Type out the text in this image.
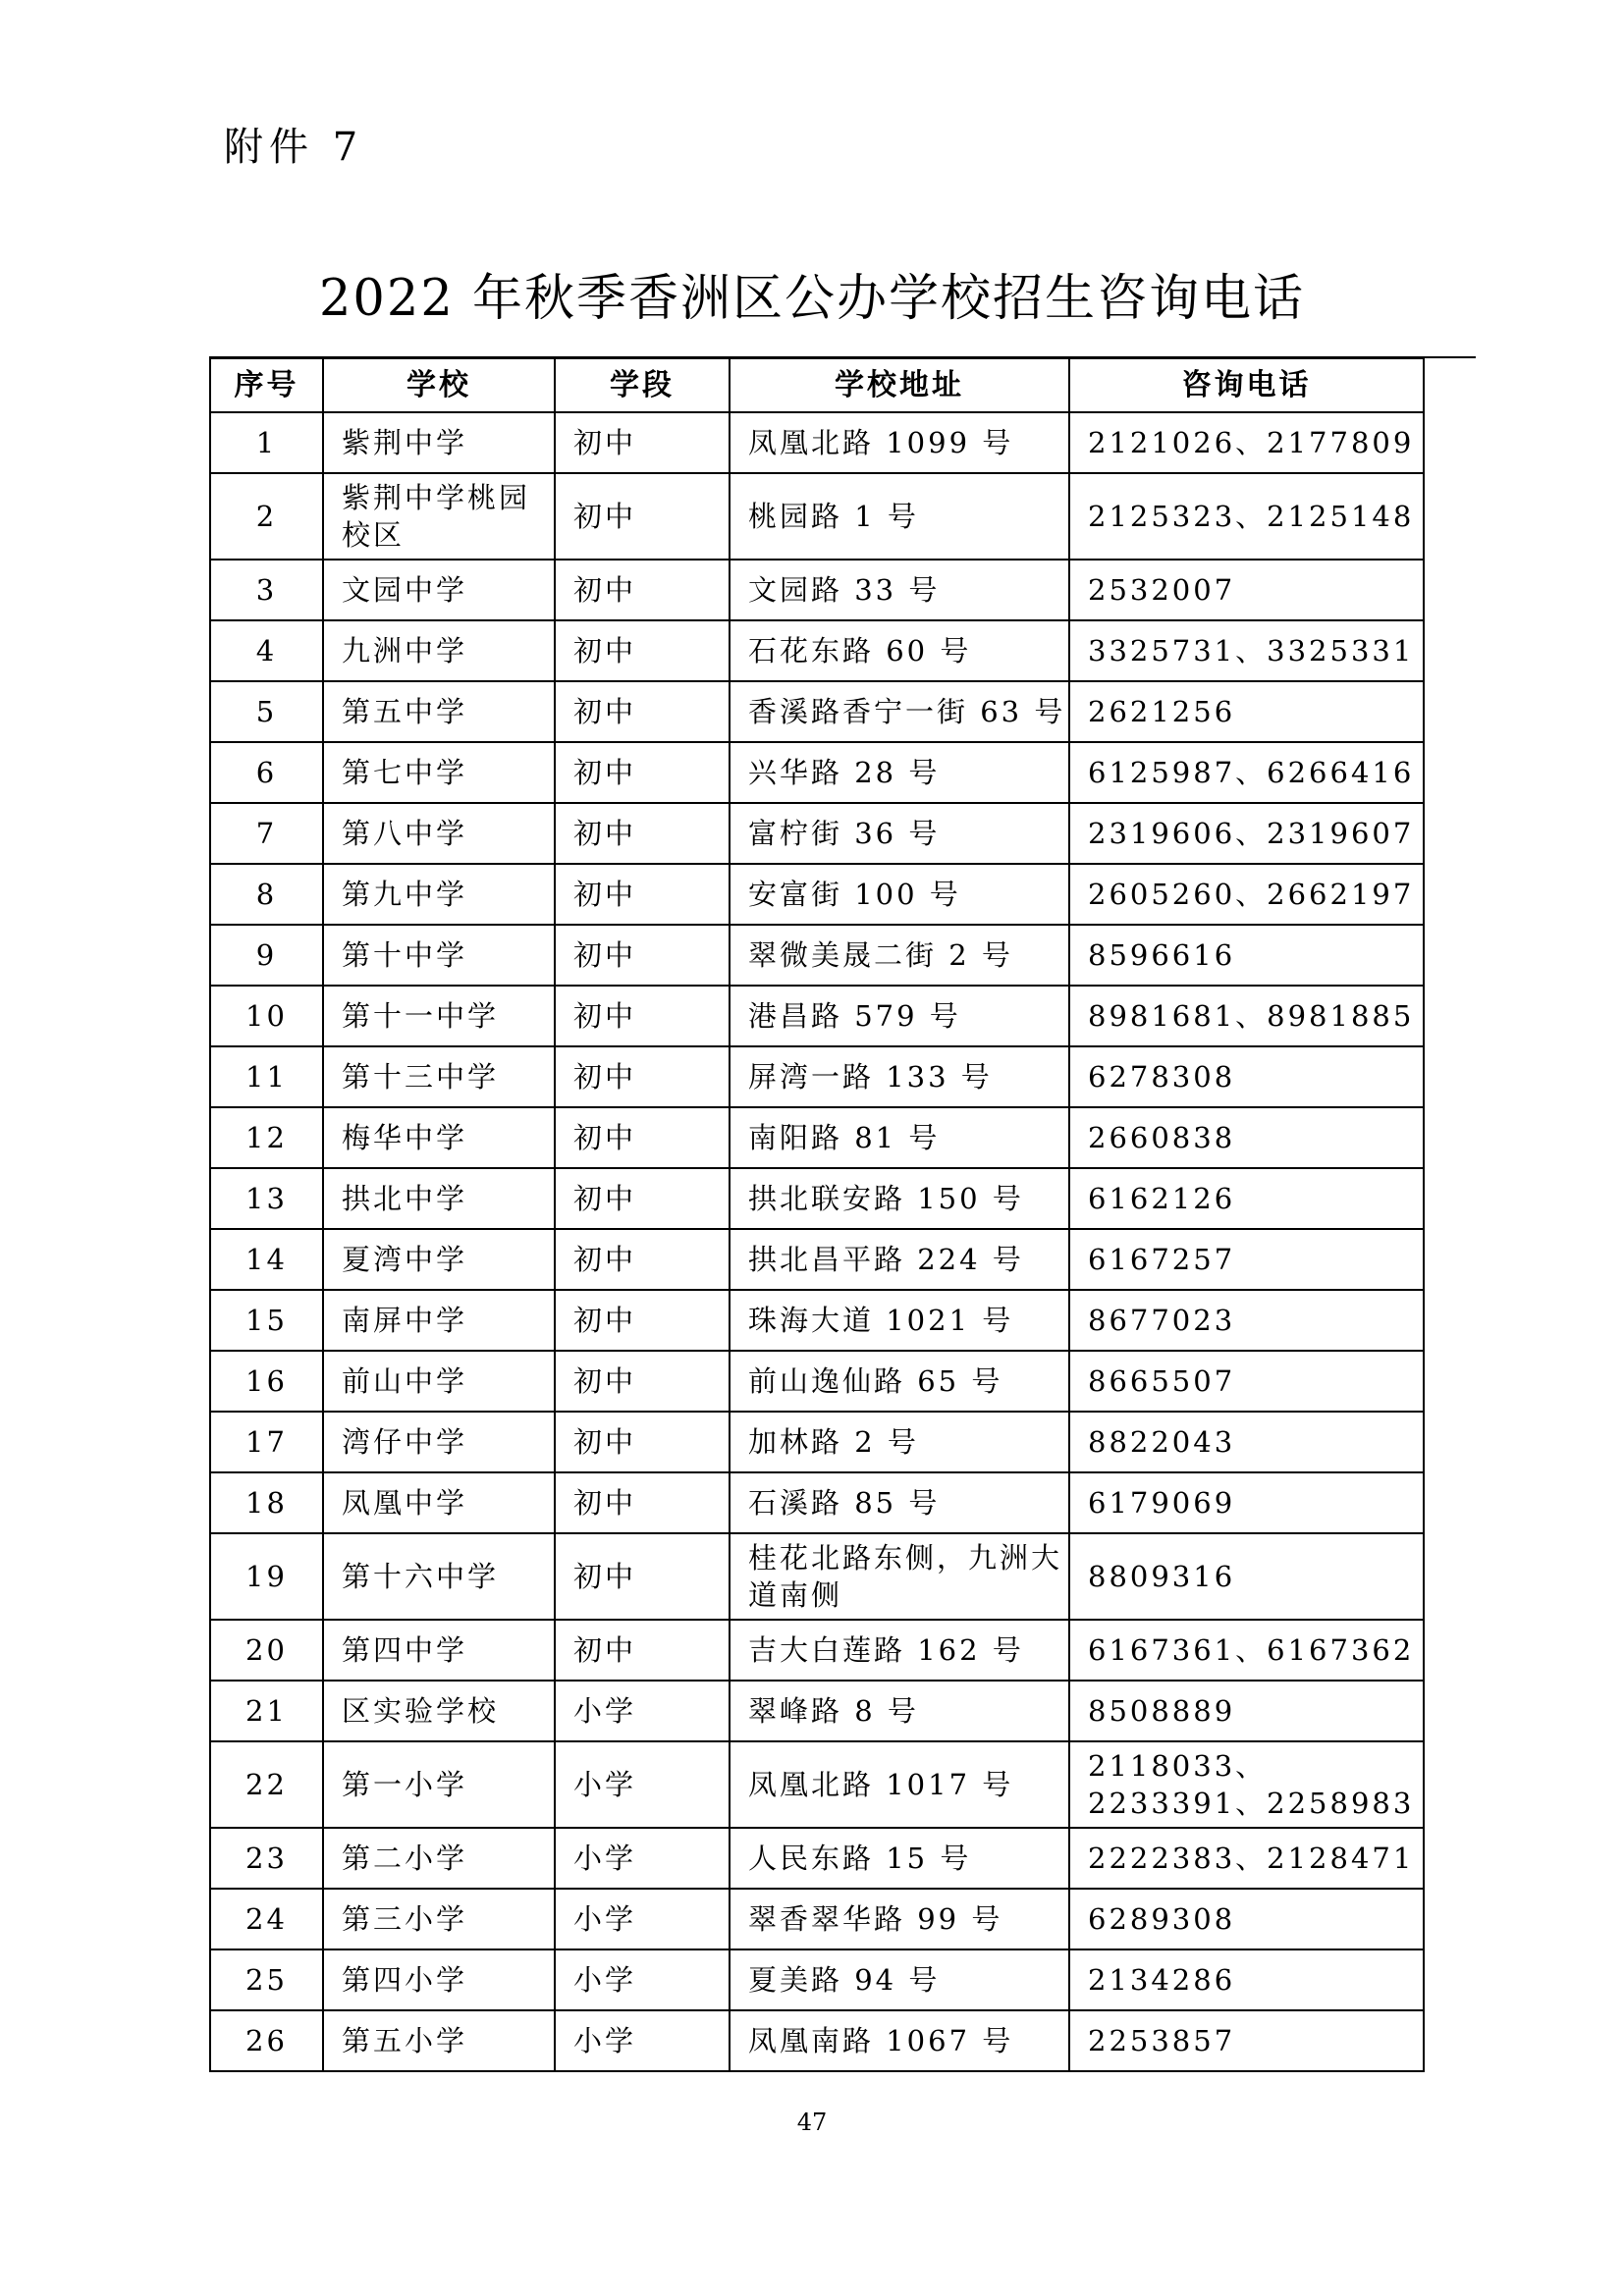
附件 7
2022 年秋季香洲区公办学校招生咨询电话
序号	学校	学段	学校地址	咨询电话
1	紫荆中学	初中	凤凰北路 1099 号	2121026、2177809
2	紫荆中学桃园校区	初中	桃园路 1 号	2125323、2125148
3	文园中学	初中	文园路 33 号	2532007
4	九洲中学	初中	石花东路 60 号	3325731、3325331
5	第五中学	初中	香溪路香宁一街 63 号	2621256
6	第七中学	初中	兴华路 28 号	6125987、6266416
7	第八中学	初中	富柠街 36 号	2319606、2319607
8	第九中学	初中	安富街 100 号	2605260、2662197
9	第十中学	初中	翠微美晟二街 2 号	8596616
10	第十一中学	初中	港昌路 579 号	8981681、8981885
11	第十三中学	初中	屏湾一路 133 号	6278308
12	梅华中学	初中	南阳路 81 号	2660838
13	拱北中学	初中	拱北联安路 150 号	6162126
14	夏湾中学	初中	拱北昌平路 224 号	6167257
15	南屏中学	初中	珠海大道 1021 号	8677023
16	前山中学	初中	前山逸仙路 65 号	8665507
17	湾仔中学	初中	加林路 2 号	8822043
18	凤凰中学	初中	石溪路 85 号	6179069
19	第十六中学	初中	桂花北路东侧，九洲大道南侧	8809316
20	第四中学	初中	吉大白莲路 162 号	6167361、6167362
21	区实验学校	小学	翠峰路 8 号	8508889
22	第一小学	小学	凤凰北路 1017 号	2118033、2233391、2258983
23	第二小学	小学	人民东路 15 号	2222383、2128471
24	第三小学	小学	翠香翠华路 99 号	6289308
25	第四小学	小学	夏美路 94 号	2134286
26	第五小学	小学	凤凰南路 1067 号	2253857
47
